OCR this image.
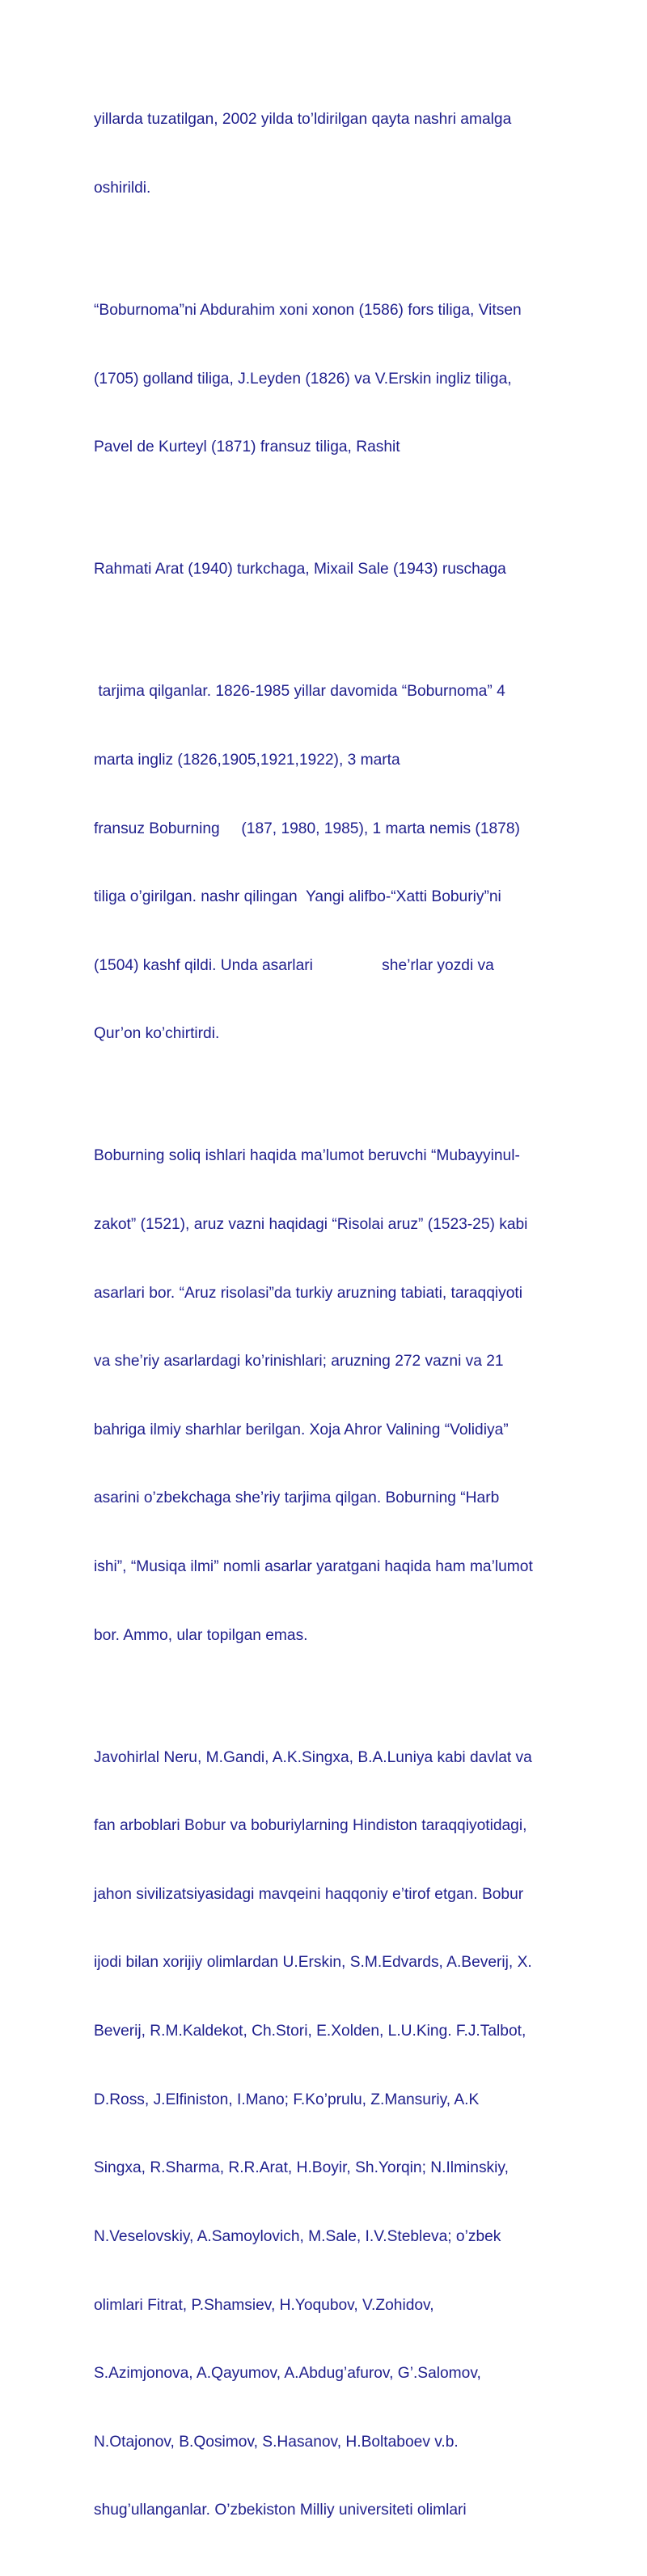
yillarda tuzatilgan, 2002 yilda to’ldirilgan qayta nashri amalga

oshirildi.

“Boburnoma”ni Abdurahim xoni xonon (1586) fors tiliga, Vitsen

(1705) golland tiliga, J.Leyden (1826) va V.Erskin ingliz tiliga,

Pavel de Kurteyl (1871) fransuz tiliga, Rashit

Rahmati Arat (1940) turkchaga, Mixail Sale (1943) ruschaga

tarjima qilganlar. 1826-1985 yillar davomida “Boburnoma” 4

marta ingliz (1826,1905,1921,1922), 3 marta

fransuz Boburning     (187, 1980, 1985), 1 marta nemis (1878)

tiliga o’girilgan. nashr qilingan  Yangi alifbo-“Xatti Boburiy”ni

(1504) kashf qildi. Unda asarlari                she’rlar yozdi va

Qur’on ko’chirtirdi.

Boburning soliq ishlari haqida ma’lumot beruvchi “Mubayyinul-

zakot” (1521), aruz vazni haqidagi “Risolai aruz” (1523-25) kabi

asarlari bor. “Aruz risolasi”da turkiy aruzning tabiati, taraqqiyoti

va she’riy asarlardagi ko’rinishlari; aruzning 272 vazni va 21

bahriga ilmiy sharhlar berilgan. Xoja Ahror Valining “Volidiya”

asarini o’zbekchaga she’riy tarjima qilgan. Boburning “Harb

ishi”, “Musiqa ilmi” nomli asarlar yaratgani haqida ham ma’lumot

bor. Ammo, ular topilgan emas.

Javohirlal Neru, M.Gandi, A.K.Singxa, B.A.Luniya kabi davlat va

fan arboblari Bobur va boburiylarning Hindiston taraqqiyotidagi,

jahon sivilizatsiyasidagi mavqeini haqqoniy e’tirof etgan. Bobur

ijodi bilan xorijiy olimlardan U.Erskin, S.M.Edvards, A.Beverij, X.

Beverij, R.M.Kaldekot, Ch.Stori, E.Xolden, L.U.King. F.J.Talbot,

D.Ross, J.Elfiniston, I.Mano; F.Ko’prulu, Z.Mansuriy, A.K

Singxa, R.Sharma, R.R.Arat, H.Boyir, Sh.Yorqin; N.Ilminskiy,

N.Veselovskiy, A.Samoylovich, M.Sale, I.V.Stebleva; o’zbek

olimlari Fitrat, P.Shamsiev, H.Yoqubov, V.Zohidov,

S.Azimjonova, A.Qayumov, A.Abdug’afurov, G’.Salomov,

N.Otajonov, B.Qosimov, S.Hasanov, H.Boltaboev v.b.

shug’ullanganlar. O’zbekiston Milliy universiteti olimlari
